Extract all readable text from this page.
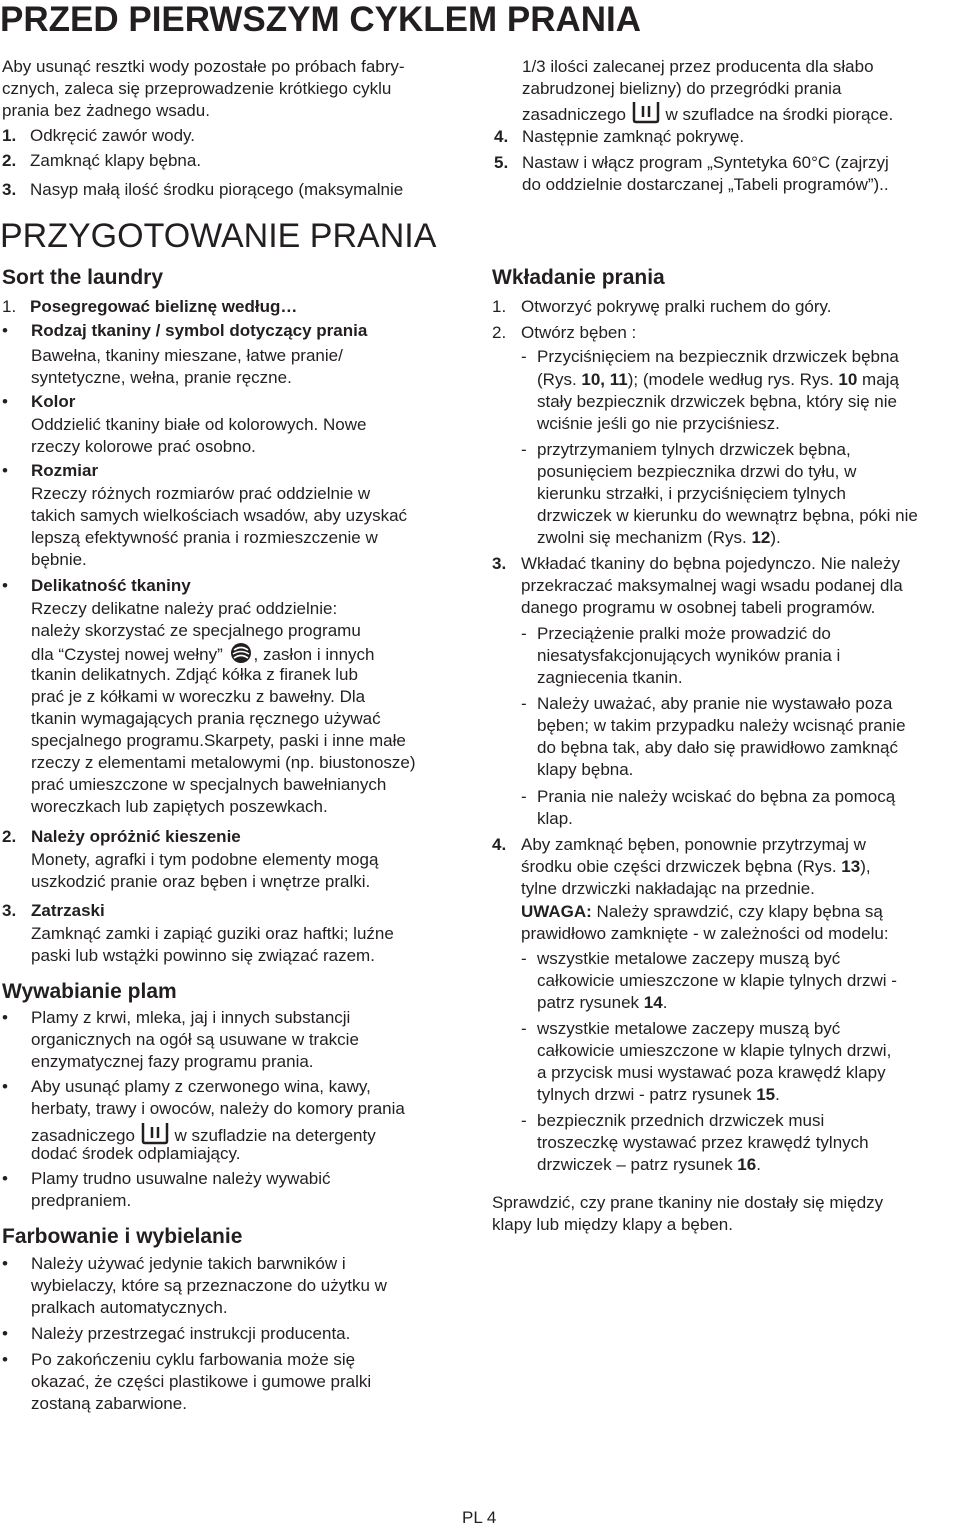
PRZED PIERWSZYM CYKLEM PRANIA
Aby usunąć resztki wody pozostałe po próbach fabry-
cznych, zaleca się przeprowadzenie krótkiego cyklu
prania bez żadnego wsadu.
1. Odkręcić zawór wody.
2. Zamknąć klapy bębna.
3. Nasyp małą ilość środku piorącego (maksymalnie
PRZYGOTOWANIE PRANIA
Sort the laundry
1. Posegregować bieliznę według…
• Rodzaj tkaniny / symbol dotyczący prania
Bawełna, tkaniny mieszane, łatwe pranie/
syntetyczne, wełna, pranie ręczne.
• Kolor
Oddzielić tkaniny białe od kolorowych. Nowe
rzeczy kolorowe prać osobno.
• Rozmiar
Rzeczy różnych rozmiarów prać oddzielnie w
takich samych wielkościach wsadów, aby uzyskać
lepszą efektywność prania i rozmieszczenie w
bębnie.
• Delikatność tkaniny
Rzeczy delikatne należy prać oddzielnie:
należy skorzystać ze specjalnego programu
dla “Czystej nowej wełny” , zasłon i innych
tkanin delikatnych. Zdjąć kółka z firanek lub
prać je z kółkami w woreczku z bawełny. Dla
tkanin wymagających prania ręcznego używać
specjalnego programu.Skarpety, paski i inne małe
rzeczy z elementami metalowymi (np. biustonosze)
prać umieszczone w specjalnych bawełnianych
woreczkach lub zapiętych poszewkach.
2. Należy opróżnić kieszenie
Monety, agrafki i tym podobne elementy mogą
uszkodzić pranie oraz bęben i wnętrze pralki.
3. Zatrzaski
Zamknąć zamki i zapiąć guziki oraz haftki; luźne
paski lub wstążki powinno się związać razem.
Wywabianie plam
• Plamy z krwi, mleka, jaj i innych substancji
organicznych na ogół są usuwane w trakcie
enzymatycznej fazy programu prania.
• Aby usunąć plamy z czerwonego wina, kawy,
herbaty, trawy i owoców, należy do komory prania
zasadniczego w szufladzie na detergenty
dodać środek odplamiający.
• Plamy trudno usuwalne należy wywabić
predpraniem.
Farbowanie i wybielanie
• Należy używać jedynie takich barwników i
wybielaczy, które są przeznaczone do użytku w
pralkach automatycznych.
• Należy przestrzegać instrukcji producenta.
• Po zakończeniu cyklu farbowania może się
okazać, że części plastikowe i gumowe pralki
zostaną zabarwione.
1/3 ilości zalecanej przez producenta dla słabo
zabrudzonej bielizny) do przegródki prania
zasadniczego w szufladce na środki piorące.
4. Następnie zamknąć pokrywę.
5. Nastaw i włącz program „Syntetyka 60°C (zajrzyj
do oddzielnie dostarczanej „Tabeli programów”)..
Wkładanie prania
1. Otworzyć pokrywę pralki ruchem do góry.
2. Otwórz bęben :
- Przyciśnięciem na bezpiecznik drzwiczek bębna
(Rys. 10, 11); (modele według rys. Rys. 10 mają
stały bezpiecznik drzwiczek bębna, który się nie
wciśnie jeśli go nie przyciśniesz.
- przytrzymaniem tylnych drzwiczek bębna,
posunięciem bezpiecznika drzwi do tyłu, w
kierunku strzałki, i przyciśnięciem tylnych
drzwiczek w kierunku do wewnątrz bębna, póki nie
zwolni się mechanizm (Rys. 12).
3. Wkładać tkaniny do bębna pojedynczo. Nie należy
przekraczać maksymalnej wagi wsadu podanej dla
danego programu w osobnej tabeli programów.
- Przeciążenie pralki może prowadzić do
niesatysfakcjonujących wyników prania i
zagniecenia tkanin.
- Należy uważać, aby pranie nie wystawało poza
bęben; w takim przypadku należy wcisnąć pranie
do bębna tak, aby dało się prawidłowo zamknąć
klapy bębna.
- Prania nie należy wciskać do bębna za pomocą
klap.
4. Aby zamknąć bęben, ponownie przytrzymaj w
środku obie części drzwiczek bębna (Rys. 13),
tylne drzwiczki nakładając na przednie.
UWAGA: Należy sprawdzić, czy klapy bębna są
prawidłowo zamknięte - w zależności od modelu:
- wszystkie metalowe zaczepy muszą być
całkowicie umieszczone w klapie tylnych drzwi -
patrz rysunek 14.
- wszystkie metalowe zaczepy muszą być
całkowicie umieszczone w klapie tylnych drzwi,
a przycisk musi wystawać poza krawędź klapy
tylnych drzwi - patrz rysunek 15.
- bezpiecznik przednich drzwiczek musi
troszeczkę wystawać przez krawędź tylnych
drzwiczek – patrz rysunek 16.
Sprawdzić, czy prane tkaniny nie dostały się między
klapy lub między klapy a bęben.
PL 4
